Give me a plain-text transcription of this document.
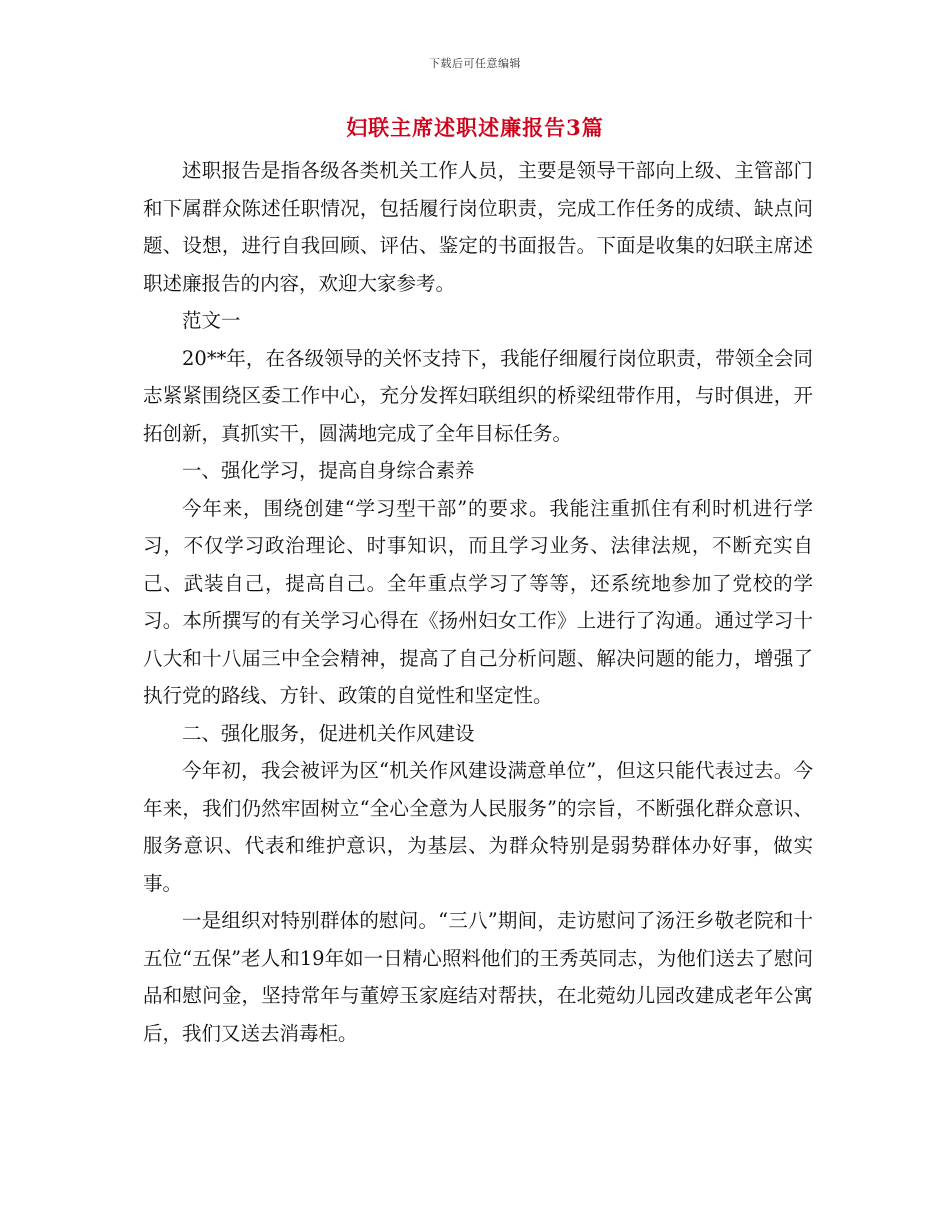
下载后可任意编辑
妇联主席述职述廉报告3篇

述职报告是指各级各类机关工作人员，主要是领导干部向上级、主管部门和下属群众陈述任职情况，包括履行岗位职责，完成工作任务的成绩、缺点问题、设想，进行自我回顾、评估、鉴定的书面报告。下面是收集的妇联主席述职述廉报告的内容，欢迎大家参考。

范文一

20**年，在各级领导的关怀支持下，我能仔细履行岗位职责，带领全会同志紧紧围绕区委工作中心，充分发挥妇联组织的桥梁纽带作用，与时俱进，开拓创新，真抓实干，圆满地完成了全年目标任务。

一、强化学习，提高自身综合素养

今年来，围绕创建“学习型干部”的要求。我能注重抓住有利时机进行学习，不仅学习政治理论、时事知识，而且学习业务、法律法规，不断充实自己、武装自己，提高自己。全年重点学习了等等，还系统地参加了党校的学习。本所撰写的有关学习心得在《扬州妇女工作》上进行了沟通。通过学习十八大和十八届三中全会精神，提高了自己分析问题、解决问题的能力，增强了执行党的路线、方针、政策的自觉性和坚定性。

二、强化服务，促进机关作风建设

今年初，我会被评为区“机关作风建设满意单位”，但这只能代表过去。今年来，我们仍然牢固树立“全心全意为人民服务”的宗旨，不断强化群众意识、服务意识、代表和维护意识，为基层、为群众特别是弱势群体办好事，做实事。

一是组织对特别群体的慰问。“三八”期间，走访慰问了汤汪乡敬老院和十五位“五保”老人和19年如一日精心照料他们的王秀英同志，为他们送去了慰问品和慰问金，坚持常年与董婷玉家庭结对帮扶，在北菀幼儿园改建成老年公寓后，我们又送去消毒柜。
